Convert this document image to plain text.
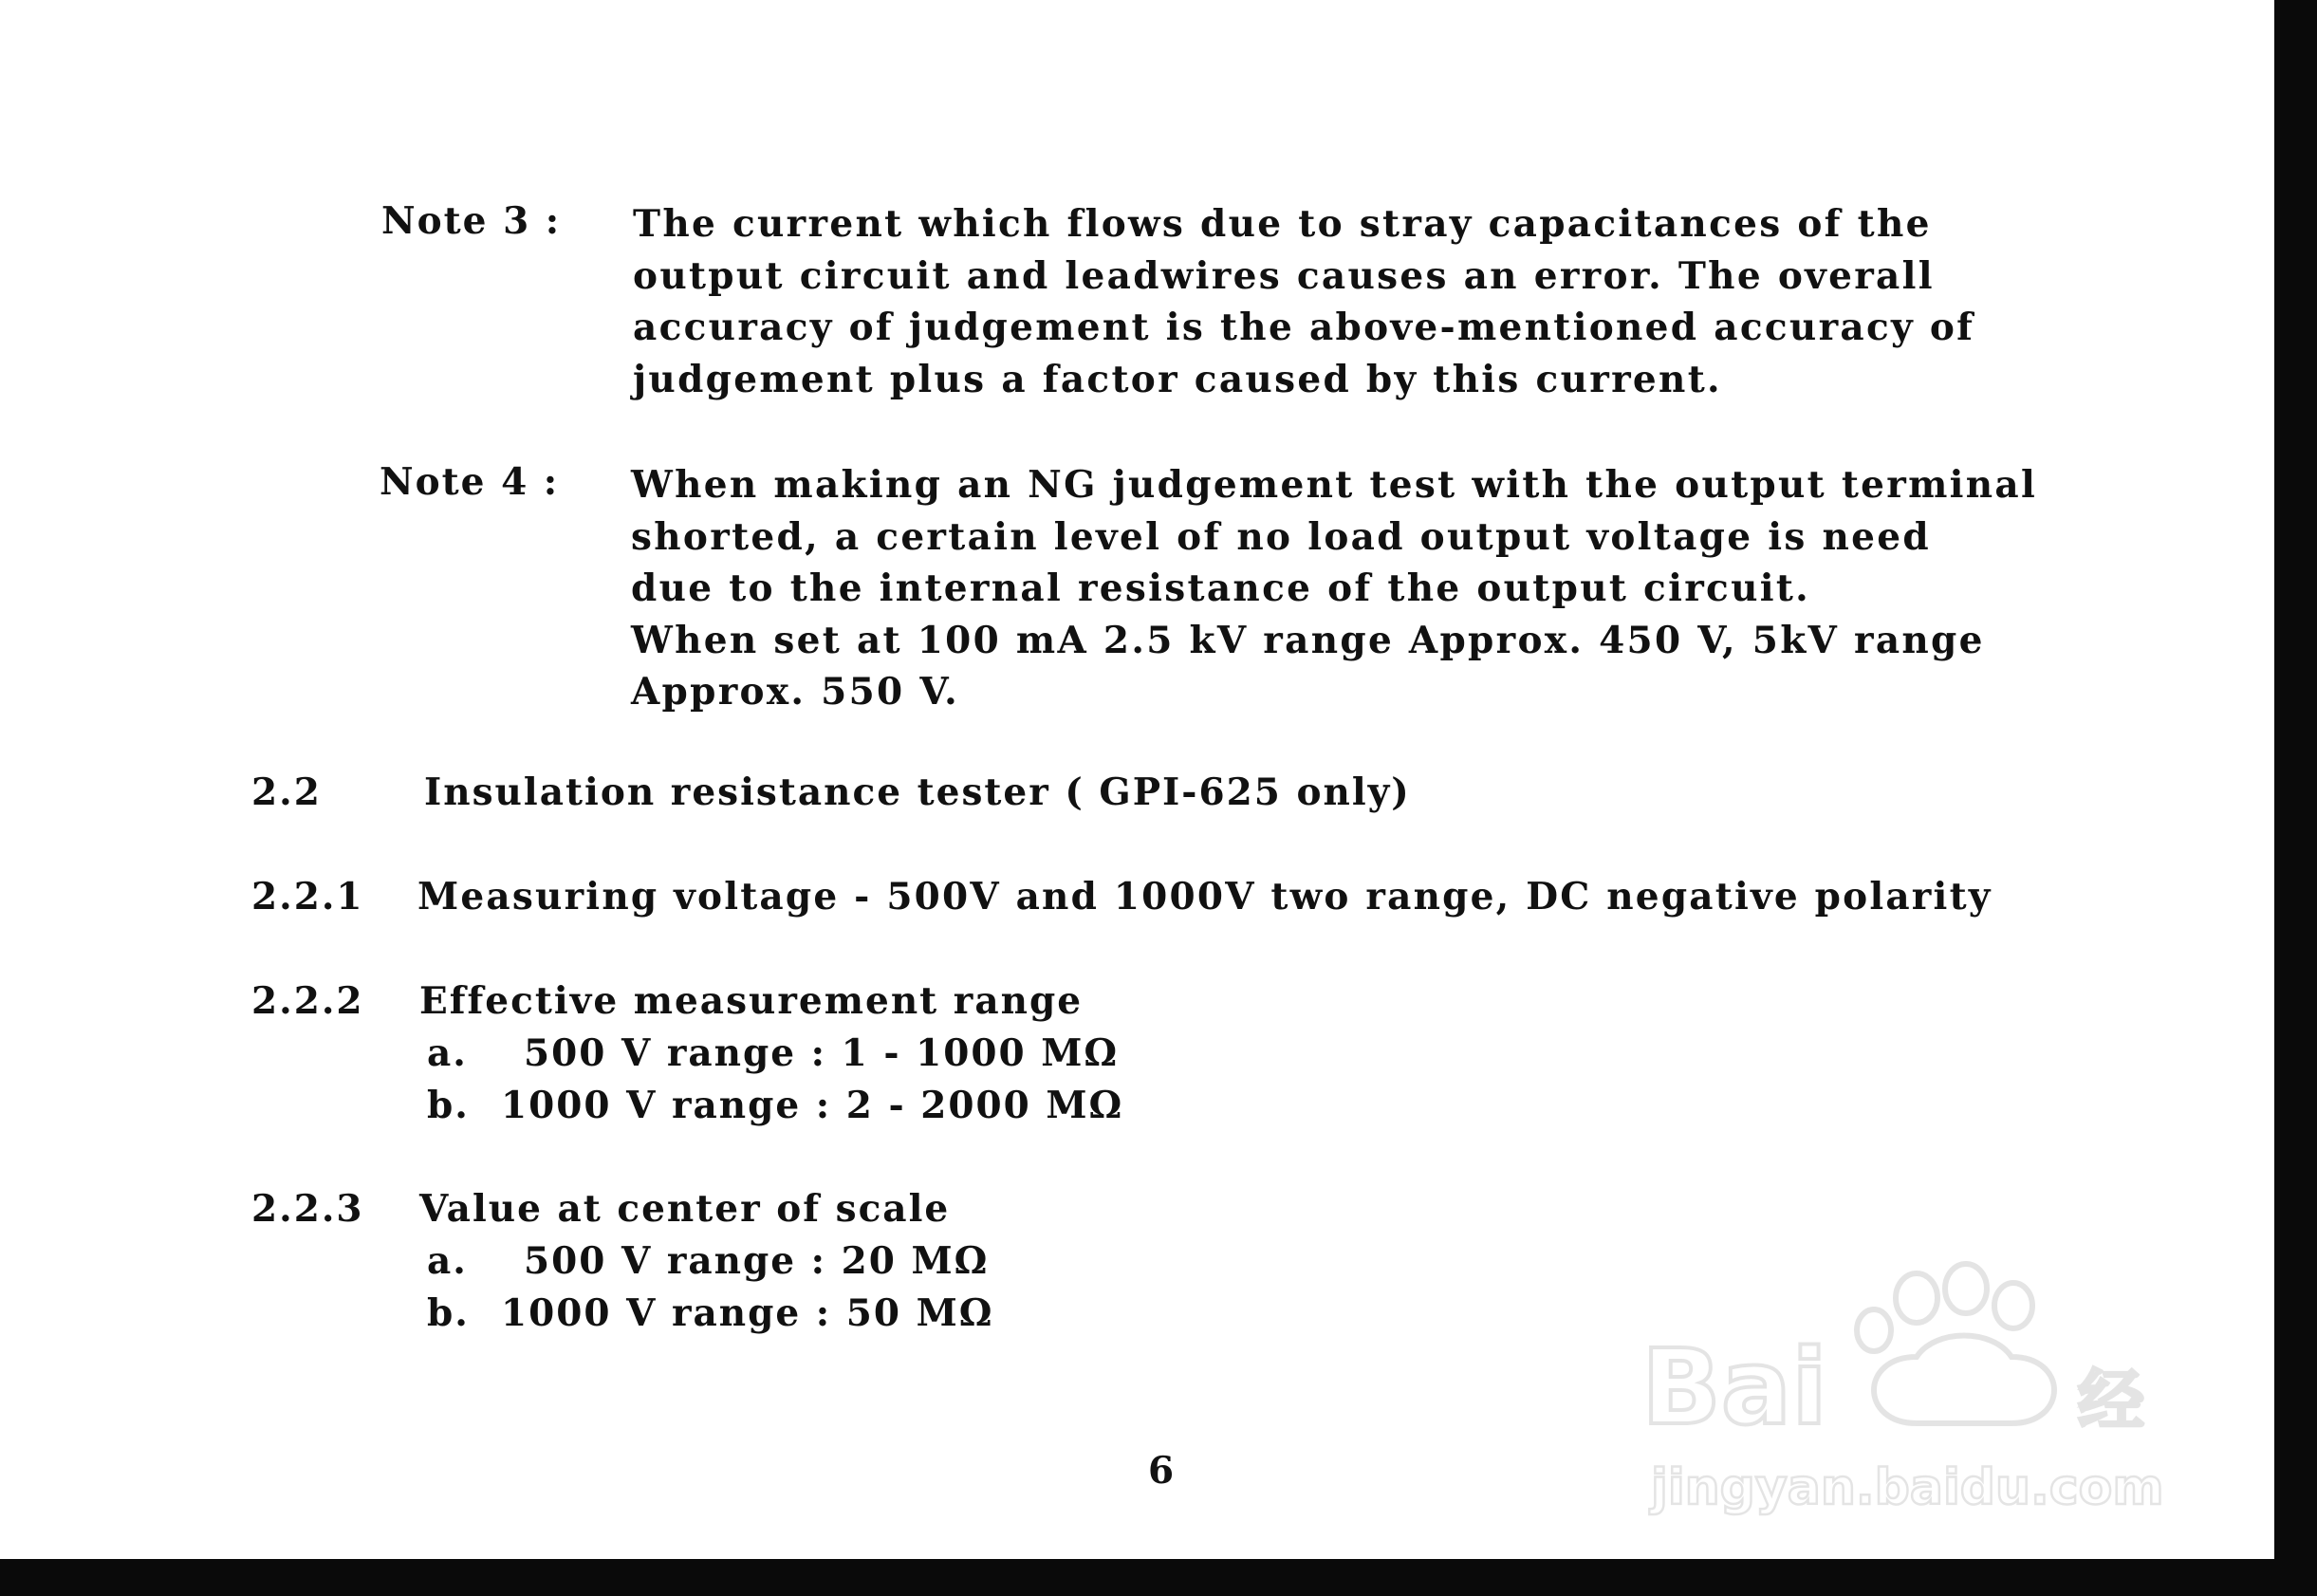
Note 3 : The current which flows due to stray capacitances of the
output circuit and leadwires causes an error. The overall
accuracy of judgement is the above-mentioned accuracy of
judgement plus a factor caused by this current.
Note 4 : When making an NG judgement test with the output terminal
shorted, a certain level of no load output voltage is need
due to the internal resistance of the output circuit.
When set at 100 mA 2.5 kV range Approx. 450 V, 5kV range
Approx. 550 V.
2.2	Insulation resistance tester ( GPI-625 only)
2.2.1 Measuring voltage - 500V and 1000V two range, DC negative polarity
2.2.2 Effective measurement range
a. 500 V range : 1 - 1000 MΩ
b. 1000 V range : 2 - 2000 MΩ
2.2.3 Value at center of scale
a. 500 V range : 20 MΩ
b. 1000 V range : 50 MΩ
6
Bai	经
jingyan.baidu.com
